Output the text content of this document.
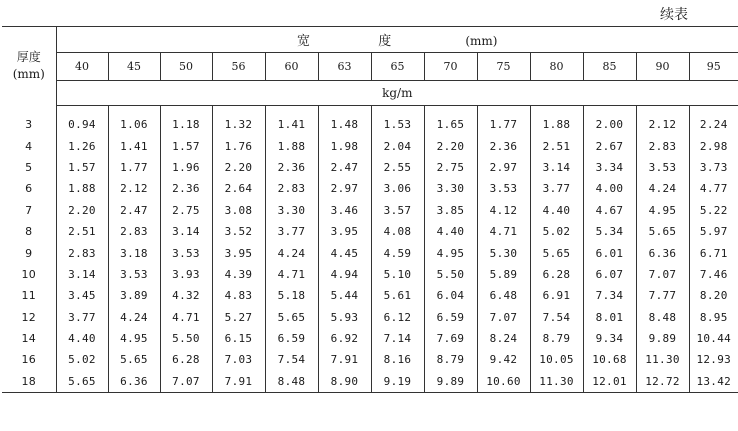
续表
厚度
(mm)	宽 度 (mm)												
	40	45	50	56	60	63	65	70	75	80	85	90	95
	kg/m												

3	0.94	1.06	1.18	1.32	1.41	1.48	1.53	1.65	1.77	1.88	2.00	2.12	2.24
4	1.26	1.41	1.57	1.76	1.88	1.98	2.04	2.20	2.36	2.51	2.67	2.83	2.98
5	1.57	1.77	1.96	2.20	2.36	2.47	2.55	2.75	2.97	3.14	3.34	3.53	3.73
6	1.88	2.12	2.36	2.64	2.83	2.97	3.06	3.30	3.53	3.77	4.00	4.24	4.77
7	2.20	2.47	2.75	3.08	3.30	3.46	3.57	3.85	4.12	4.40	4.67	4.95	5.22
8	2.51	2.83	3.14	3.52	3.77	3.95	4.08	4.40	4.71	5.02	5.34	5.65	5.97
9	2.83	3.18	3.53	3.95	4.24	4.45	4.59	4.95	5.30	5.65	6.01	6.36	6.71
10	3.14	3.53	3.93	4.39	4.71	4.94	5.10	5.50	5.89	6.28	6.07	7.07	7.46
11	3.45	3.89	4.32	4.83	5.18	5.44	5.61	6.04	6.48	6.91	7.34	7.77	8.20
12	3.77	4.24	4.71	5.27	5.65	5.93	6.12	6.59	7.07	7.54	8.01	8.48	8.95
14	4.40	4.95	5.50	6.15	6.59	6.92	7.14	7.69	8.24	8.79	9.34	9.89	10.44
16	5.02	5.65	6.28	7.03	7.54	7.91	8.16	8.79	9.42	10.05	10.68	11.30	12.93
18	5.65	6.36	7.07	7.91	8.48	8.90	9.19	9.89	10.60	11.30	12.01	12.72	13.42
